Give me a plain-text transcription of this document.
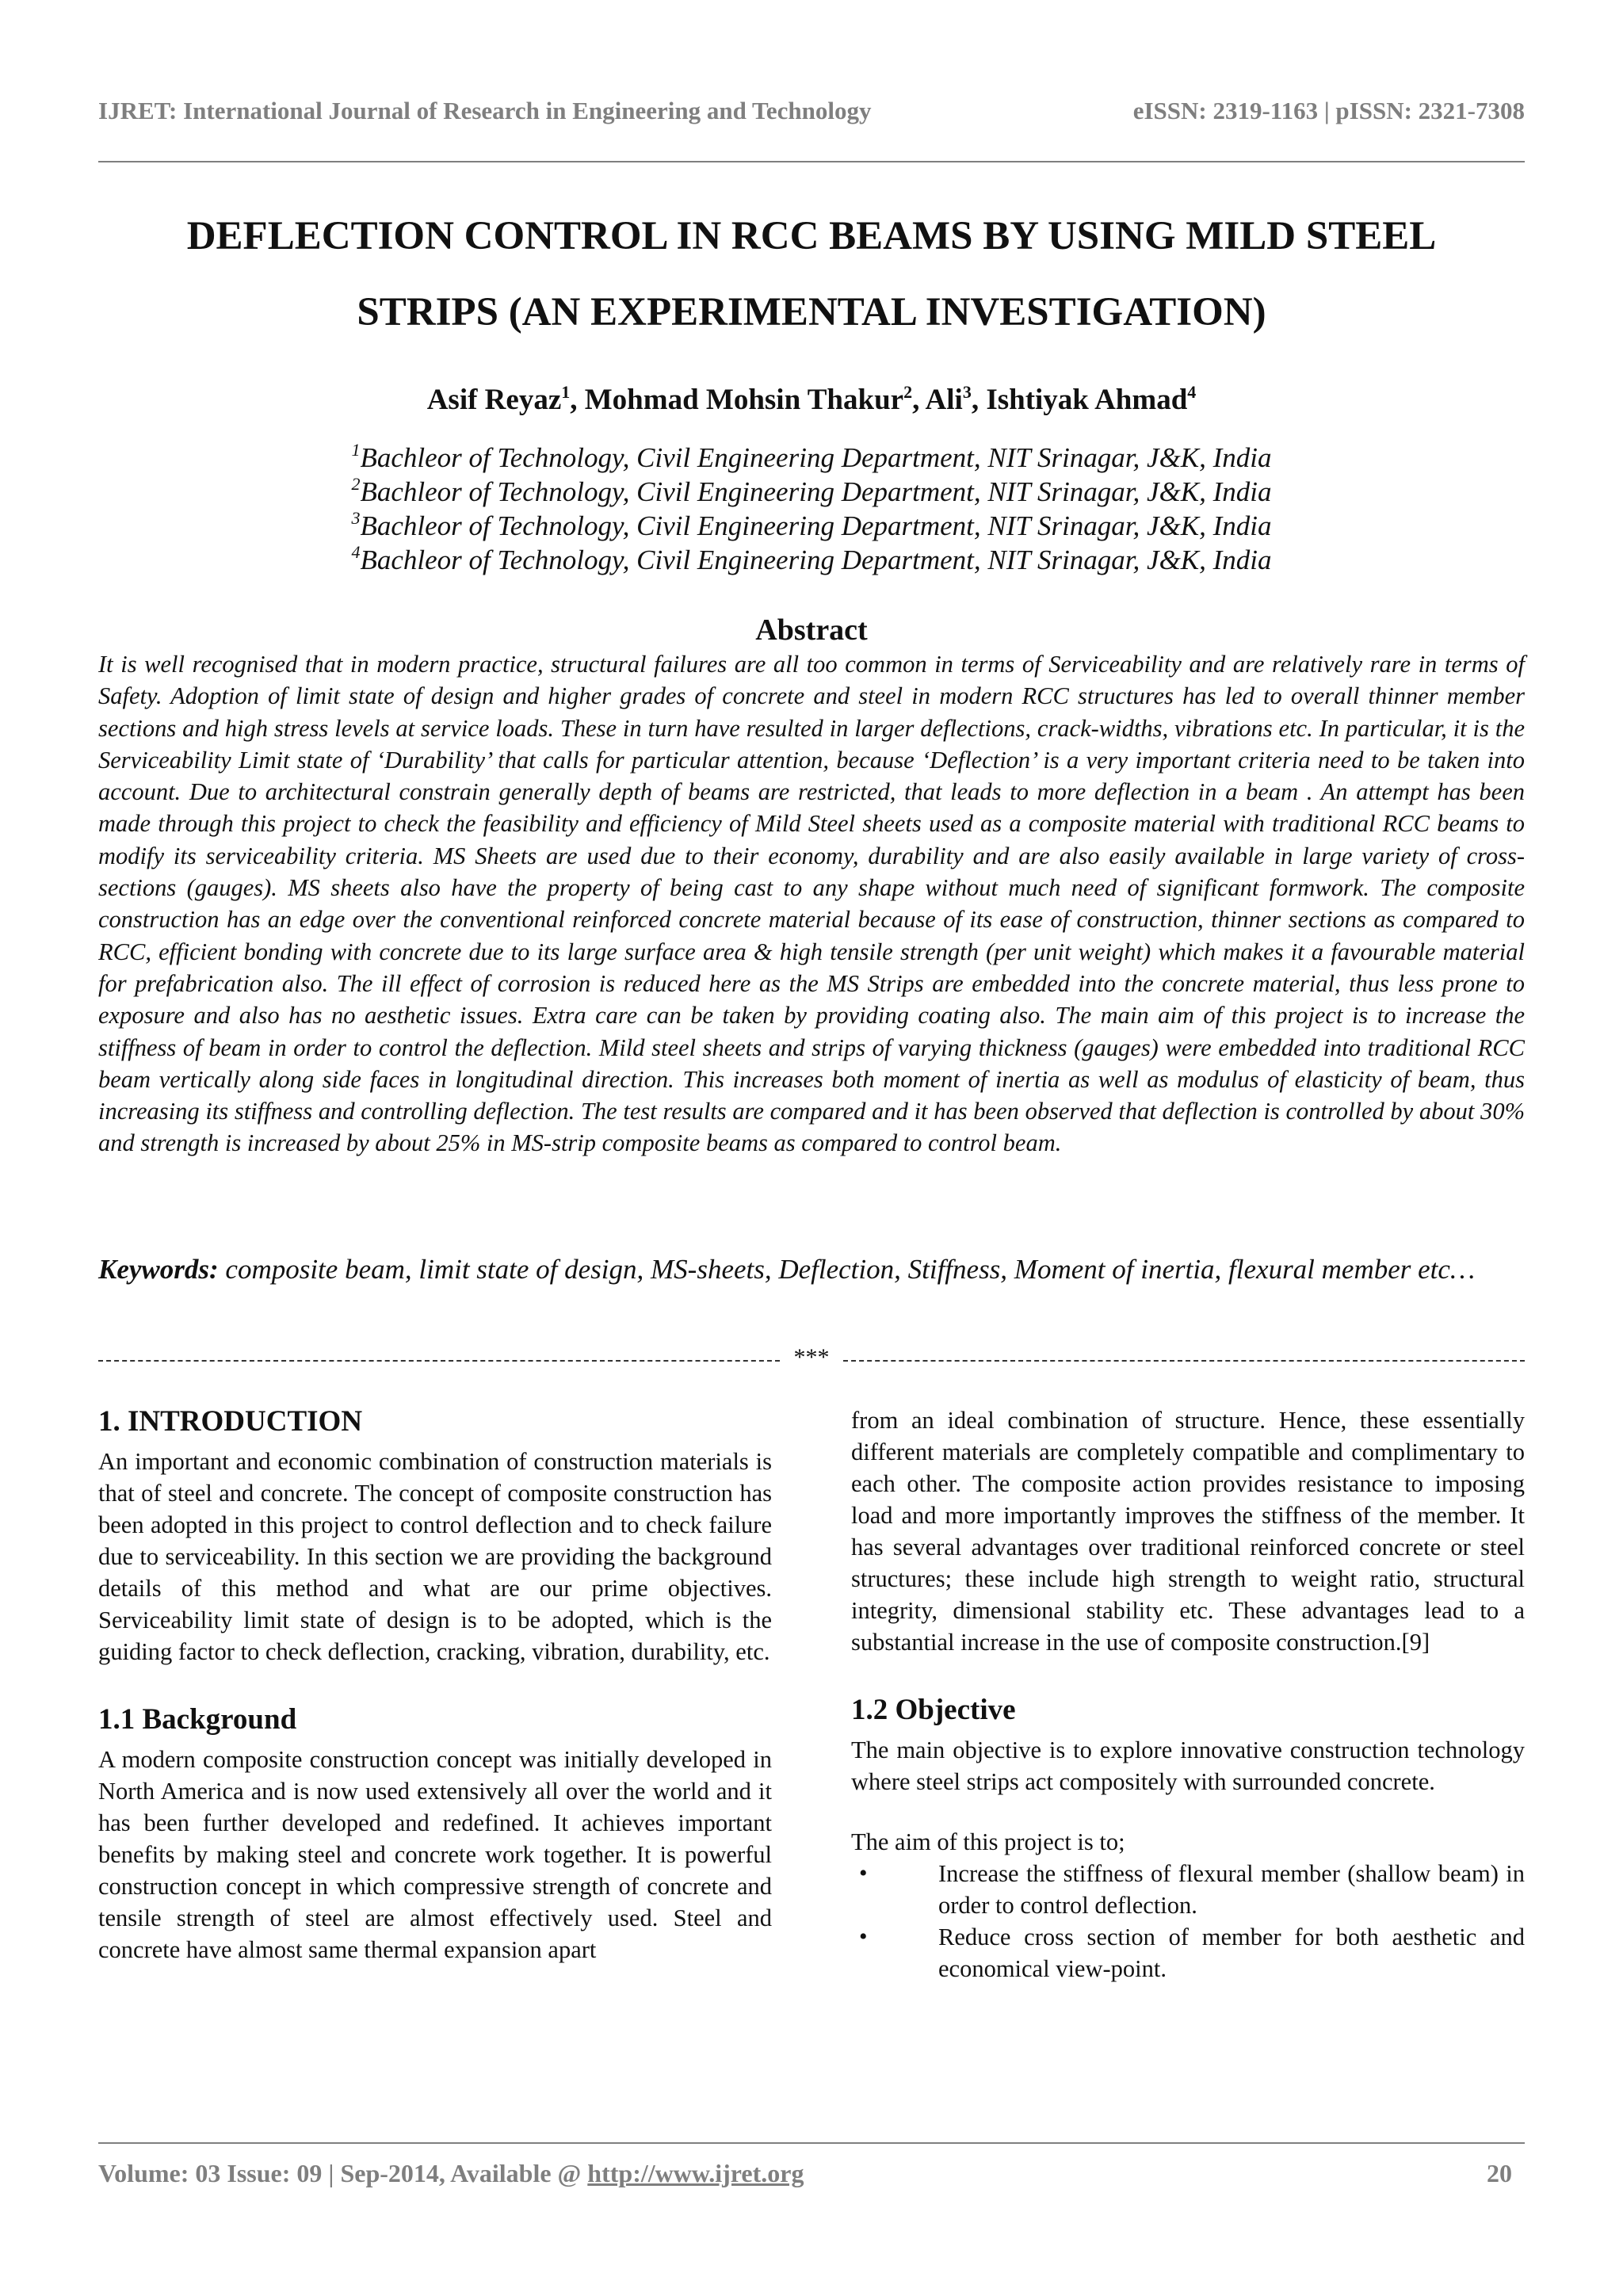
IJRET: International Journal of Research in Engineering and Technology	eISSN: 2319-1163 | pISSN: 2321-7308
DEFLECTION CONTROL IN RCC BEAMS BY USING MILD STEEL
STRIPS (AN EXPERIMENTAL INVESTIGATION)
Asif Reyaz$^1$, Mohmad Mohsin Thakur$^2$, Ali$^3$, Ishtiyak Ahmad$^4$
$^1$Bachleor of Technology, Civil Engineering Department, NIT Srinagar, J&K, India
$^2$Bachleor of Technology, Civil Engineering Department, NIT Srinagar, J&K, India
$^3$Bachleor of Technology, Civil Engineering Department, NIT Srinagar, J&K, India
$^4$Bachleor of Technology, Civil Engineering Department, NIT Srinagar, J&K, India
Abstract

It is well recognised that in modern practice, structural failures are all too common in terms of Serviceability and are relatively rare in terms of Safety. Adoption of limit state of design and higher grades of concrete and steel in modern RCC structures has led to overall thinner member sections and high stress levels at service loads. These in turn have resulted in larger deflections, crack-widths, vibrations etc. In particular, it is the Serviceability Limit state of ‘Durability’ that calls for particular attention, because ‘Deflection’ is a very important criteria need to be taken into account. Due to architectural constrain generally depth of beams are restricted, that leads to more deflection in a beam . An attempt has been made through this project to check the feasibility and efficiency of Mild Steel sheets used as a composite material with traditional RCC beams to modify its serviceability criteria. MS Sheets are used due to their economy, durability and are also easily available in large variety of cross-sections (gauges). MS sheets also have the property of being cast to any shape without much need of significant formwork. The composite construction has an edge over the conventional reinforced concrete material because of its ease of construction, thinner sections as compared to RCC, efficient bonding with concrete due to its large surface area & high tensile strength (per unit weight) which makes it a favourable material for prefabrication also. The ill effect of corrosion is reduced here as the MS Strips are embedded into the concrete material, thus less prone to exposure and also has no aesthetic issues. Extra care can be taken by providing coating also. The main aim of this project is to increase the stiffness of beam in order to control the deflection. Mild steel sheets and strips of varying thickness (gauges) were embedded into traditional RCC beam vertically along side faces in longitudinal direction. This increases both moment of inertia as well as modulus of elasticity of beam, thus increasing its stiffness and controlling deflection. The test results are compared and it has been observed that deflection is controlled by about 30% and strength is increased by about 25% in MS-strip composite beams as compared to control beam.

Keywords: composite beam, limit state of design, MS-sheets, Deflection, Stiffness, Moment of inertia, flexural member etc…

***
1. INTRODUCTION

An important and economic combination of construction materials is that of steel and concrete. The concept of composite construction has been adopted in this project to control deflection and to check failure due to serviceability. In this section we are providing the background details of this method and what are our prime objectives. Serviceability limit state of design is to be adopted, which is the guiding factor to check deflection, cracking, vibration, durability, etc.

1.1 Background

A modern composite construction concept was initially developed in North America and is now used extensively all over the world and it has been further developed and redefined. It achieves important benefits by making steel and concrete work together. It is powerful construction concept in which compressive strength of concrete and tensile strength of steel are almost effectively used. Steel and concrete have almost same thermal expansion apart

from an ideal combination of structure. Hence, these essentially different materials are completely compatible and complimentary to each other. The composite action provides resistance to imposing load and more importantly improves the stiffness of the member. It has several advantages over traditional reinforced concrete or steel structures; these include high strength to weight ratio, structural integrity, dimensional stability etc. These advantages lead to a substantial increase in the use of composite construction.[9]

1.2 Objective

The main objective is to explore innovative construction technology where steel strips act compositely with surrounded concrete.

The aim of this project is to;

•	Increase the stiffness of flexural member (shallow beam) in order to control deflection.
•	Reduce cross section of member for both aesthetic and economical view-point.
Volume: 03 Issue: 09 | Sep-2014, Available @ http://www.ijret.org	20
